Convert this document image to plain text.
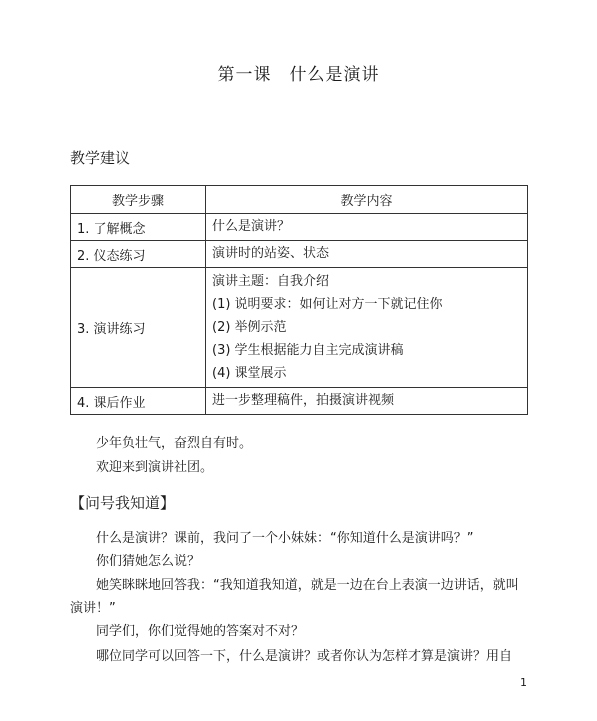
第一课　什么是演讲
教学建议
教学步骤	教学内容
1. 了解概念	什么是演讲？

2. 仪态练习	演讲时的站姿、状态

3. 演讲练习	演讲主题：自我介绍
(1) 说明要求：如何让对方一下就记住你
(2) 举例示范
(3) 学生根据能力自主完成演讲稿
(4) 课堂展示

4. 课后作业	进一步整理稿件，拍摄演讲视频
少年负壮气，奋烈自有时。
欢迎来到演讲社团。
【问号我知道】
什么是演讲？课前，我问了一个小妹妹：“你知道什么是演讲吗？”
你们猜她怎么说？
她笑眯眯地回答我：“我知道我知道，就是一边在台上表演一边讲话，就叫演讲！”
同学们，你们觉得她的答案对不对？
哪位同学可以回答一下，什么是演讲？或者你认为怎样才算是演讲？用自
1
